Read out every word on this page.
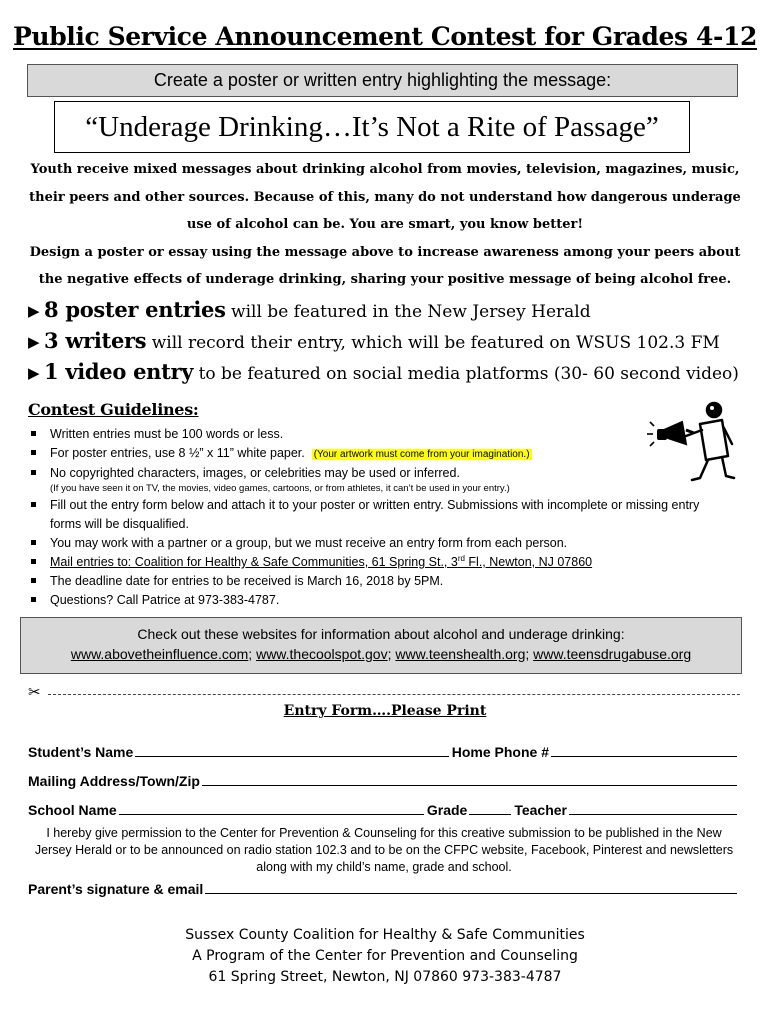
Public Service Announcement Contest for Grades 4-12
Create a poster or written entry highlighting the message:
“Underage Drinking…It’s Not a Rite of Passage”

Youth receive mixed messages about drinking alcohol from movies, television, magazines, music, their peers and other sources. Because of this, many do not understand how dangerous underage use of alcohol can be. You are smart, you know better!

Design a poster or essay using the message above to increase awareness among your peers about the negative effects of underage drinking, sharing your positive message of being alcohol free.

▶ 8 poster entries will be featured in the New Jersey Herald
▶ 3 writers will record their entry, which will be featured on WSUS 102.3 FM
▶ 1 video entry to be featured on social media platforms (30- 60 second video)
Contest Guidelines:
Written entries must be 100 words or less.
For poster entries, use 8 ½” x 11” white paper. (Your artwork must come from your imagination.)
No copyrighted characters, images, or celebrities may be used or inferred.
(If you have seen it on TV, the movies, video games, cartoons, or from athletes, it can’t be used in your entry.)
Fill out the entry form below and attach it to your poster or written entry. Submissions with incomplete or missing entry forms will be disqualified.
You may work with a partner or a group, but we must receive an entry form from each person.
Mail entries to: Coalition for Healthy & Safe Communities, 61 Spring St., 3rd Fl., Newton, NJ 07860
The deadline date for entries to be received is March 16, 2018 by 5PM.
Questions? Call Patrice at 973-383-4787.
Check out these websites for information about alcohol and underage drinking:
www.abovetheinfluence.com; www.thecoolspot.gov; www.teenshealth.org; www.teensdrugabuse.org
✂
Entry Form….Please Print
Student’s Name	Home Phone #
Mailing Address/Town/Zip
School Name	Grade	Teacher
I hereby give permission to the Center for Prevention & Counseling for this creative submission to be published in the New Jersey Herald or to be announced on radio station 102.3 and to be on the CFPC website, Facebook, Pinterest and newsletters along with my child’s name, grade and school.
Parent’s signature & email
Sussex County Coalition for Healthy & Safe Communities
A Program of the Center for Prevention and Counseling
61 Spring Street, Newton, NJ 07860 973-383-4787
